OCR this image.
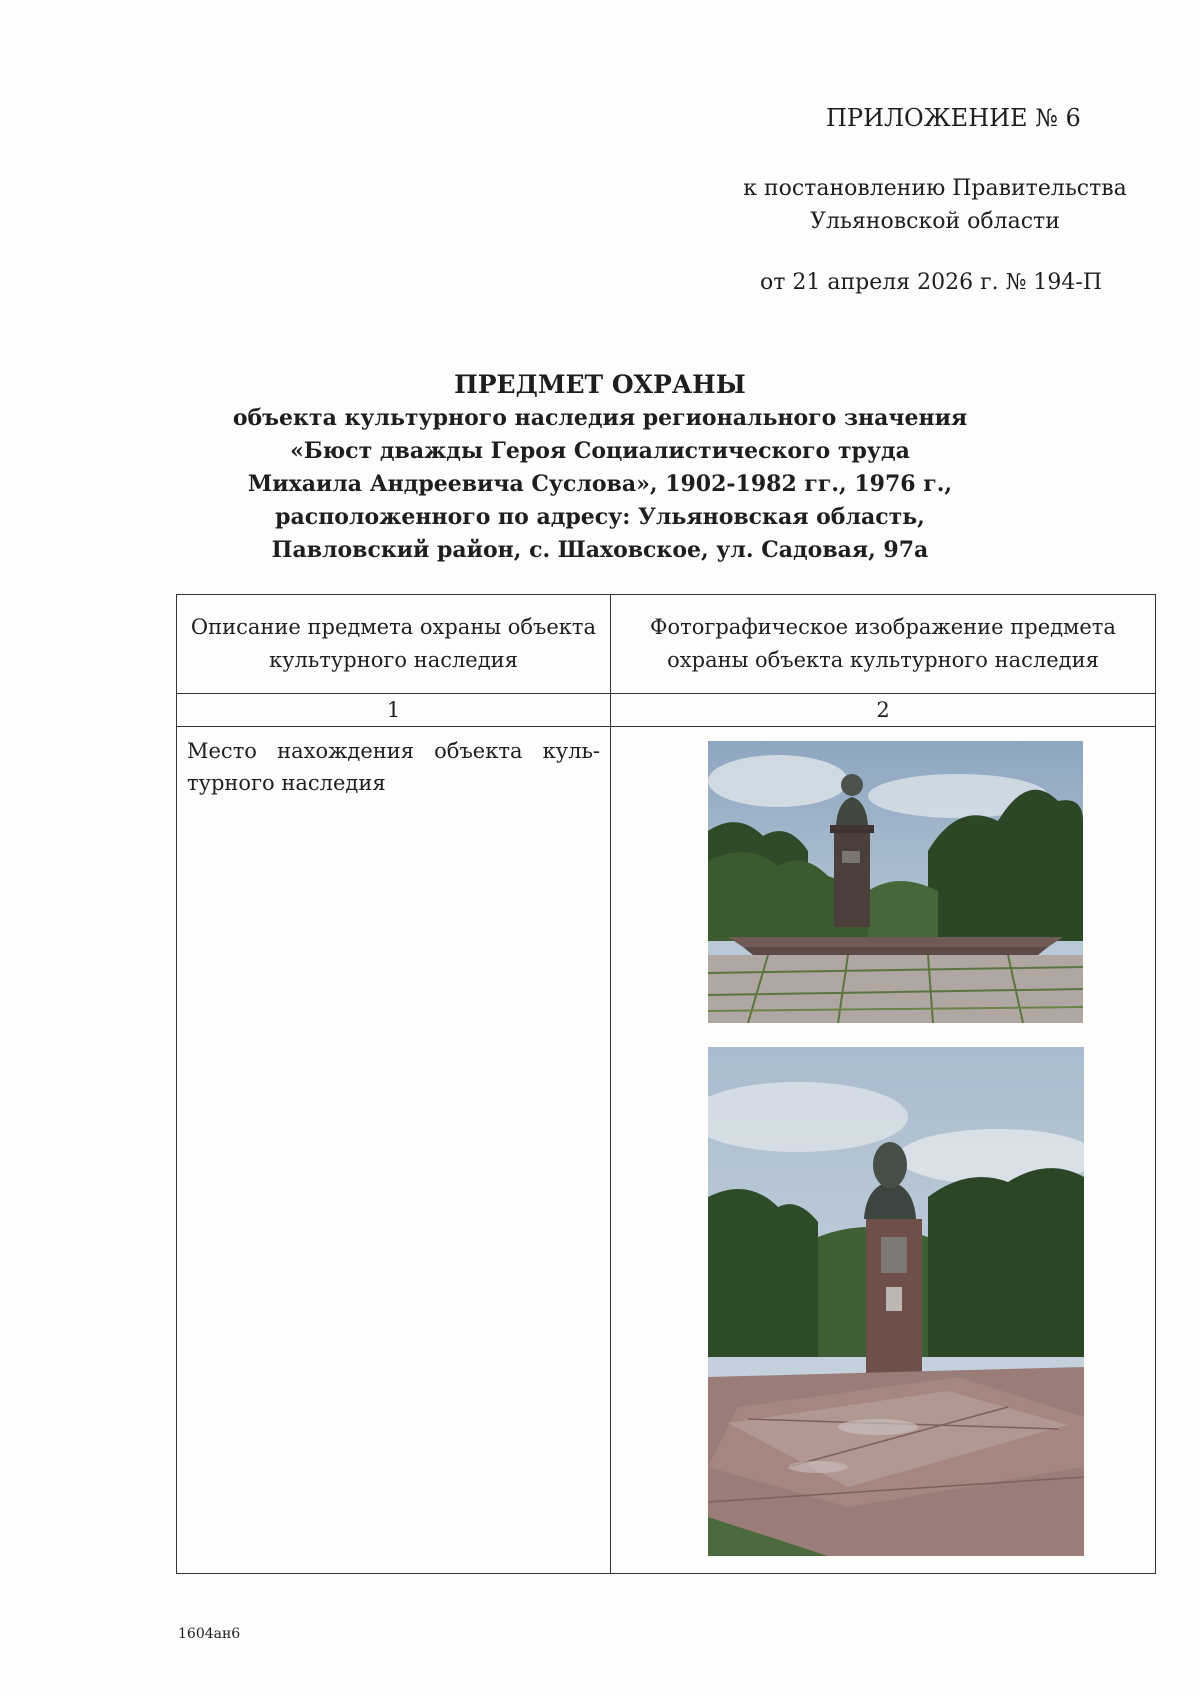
ПРИЛОЖЕНИЕ № 6
к постановлению Правительства
Ульяновской области
от 21 апреля 2026 г. № 194-П
ПРЕДМЕТ ОХРАНЫ
объекта культурного наследия регионального значения
«Бюст дважды Героя Социалистического труда
Михаила Андреевича Суслова», 1902-1982 гг., 1976 г.,
расположенного по адресу: Ульяновская область,
Павловский район, с. Шаховское, ул. Садовая, 97а
Описание предмета охраны объекта культурного наследия	Фотографическое изображение предмета охраны объекта культурного наследия
1	2
Место нахождения объекта куль-турного наследия	
1604ан6
